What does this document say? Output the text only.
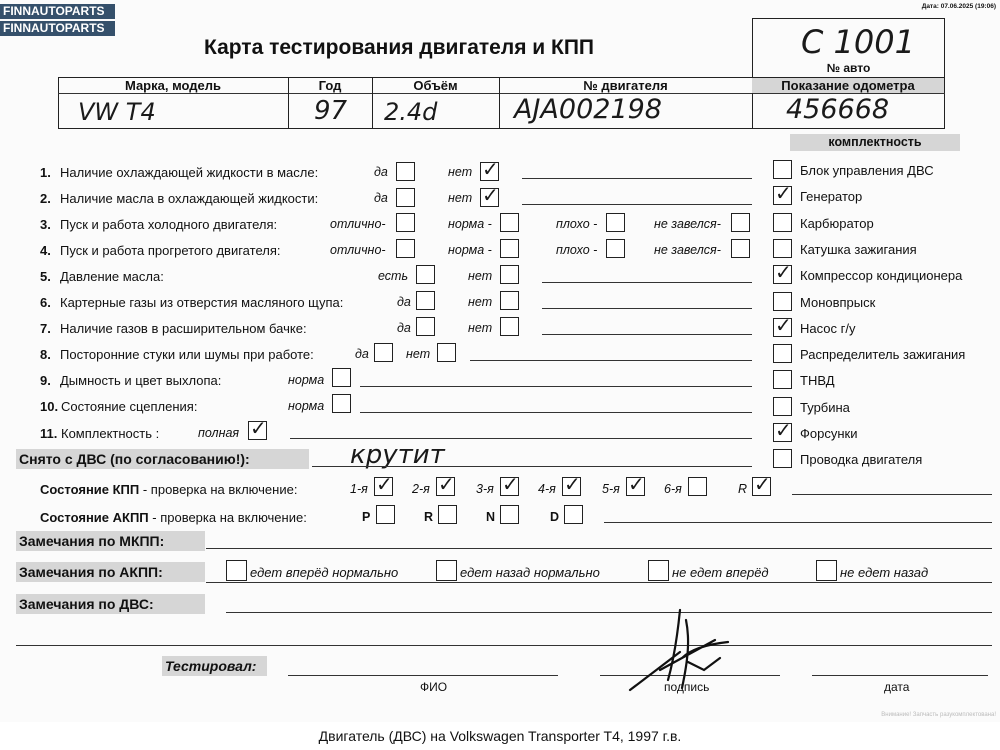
FINNAUTOPARTS
FINNAUTOPARTS
Дата: 07.06.2025 (19:06)
Карта тестирования двигателя и КПП	С 1001
№ авто
Марка, модель	Год	Объём	№ двигателя	Показание одометра
VW T4	97 2.4d	AJA002198	456668
комплектность
Блок управления ДВС
✓ Генератор
Карбюратор
Катушка зажигания
✓ Компрессор кондиционера
Моновпрыск
✓ Насос г/у
Распределитель зажигания
ТНВД
Турбина
✓ Форсунки
Проводка двигателя
1. Наличие охлаждающей жидкости в масле:	да	нет ✓
2. Наличие масла в охлаждающей жидкости:	да	нет ✓
3. Пуск и работа холодного двигателя:	отлично-	норма -	плохо -	не завелся-
4. Пуск и работа прогретого двигателя:	отлично-	норма -	плохо -	не завелся-
5. Давление масла:	есть	нет
6. Картерные газы из отверстия масляного щупа:	да	нет
7. Наличие газов в расширительном бачке:	да	нет
8. Посторонние стуки или шумы при работе:	да	нет
9. Дымность и цвет выхлопа:	норма
10. Состояние сцепления:	норма
11. Комплектность :	полная ✓
Снято с ДВС (по согласованию!):	крутит
Состояние КПП - проверка на включение:	1-я ✓ 2-я ✓ 3-я ✓ 4-я ✓ 5-я ✓ 6-я	R ✓
Состояние АКПП - проверка на включение:	P	R	N	D
Замечания по МКПП:
Замечания по АКПП:	едет вперёд нормально	едет назад нормально	не едет вперёд	не едет назад
Замечания по ДВС:
Тестировал:
ФИО	подпись	дата
Внимание! Запчасть разукомплектована!
Двигатель (ДВС) на Volkswagen Transporter T4, 1997 г.в.
